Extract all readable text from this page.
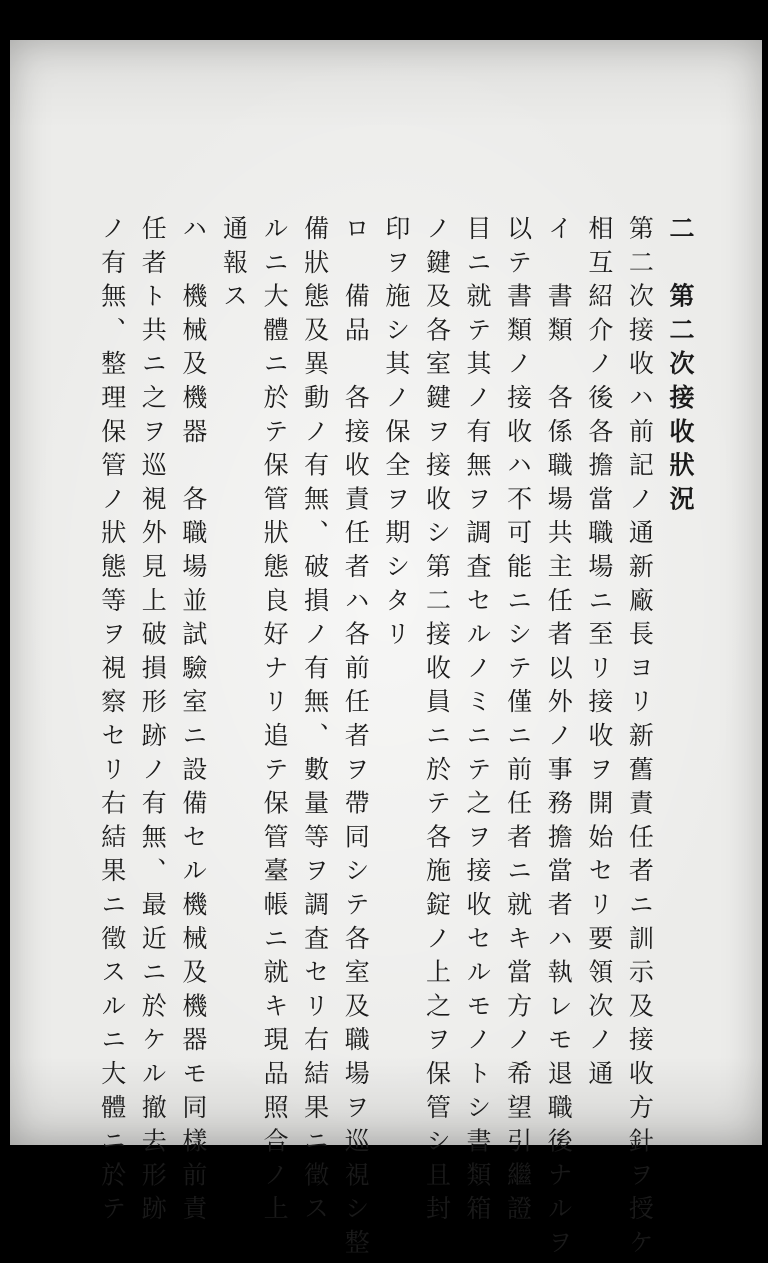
二　第二次接收狀況
第二次接收ハ前記ノ通新廠長ヨリ新舊責任者ニ訓示及接收方針ヲ授ケ
相互紹介ノ後各擔當職場ニ至リ接收ヲ開始セリ要領次ノ通
イ　書類　各係職場共主任者以外ノ事務擔當者ハ執レモ退職後ナルヲ
以テ書類ノ接收ハ不可能ニシテ僅ニ前任者ニ就キ當方ノ希望引繼證
目ニ就テ其ノ有無ヲ調査セルノミニテ之ヲ接收セルモノトシ書類箱
ノ鍵及各室鍵ヲ接收シ第二接收員ニ於テ各施錠ノ上之ヲ保管シ且封
印ヲ施シ其ノ保全ヲ期シタリ
ロ　備品　各接收責任者ハ各前任者ヲ帶同シテ各室及職場ヲ巡視シ整
備狀態及異動ノ有無、破損ノ有無、數量等ヲ調査セリ右結果ニ徵ス
ルニ大體ニ於テ保管狀態良好ナリ追テ保管臺帳ニ就キ現品照合ノ上
通報ス
ハ　機械及機器　各職場並試驗室ニ設備セル機械及機器モ同樣前責
任者ト共ニ之ヲ巡視外見上破損形跡ノ有無、最近ニ於ケル撤去形跡
ノ有無、整理保管ノ狀態等ヲ視察セリ右結果ニ徵スルニ大體ニ於テ
